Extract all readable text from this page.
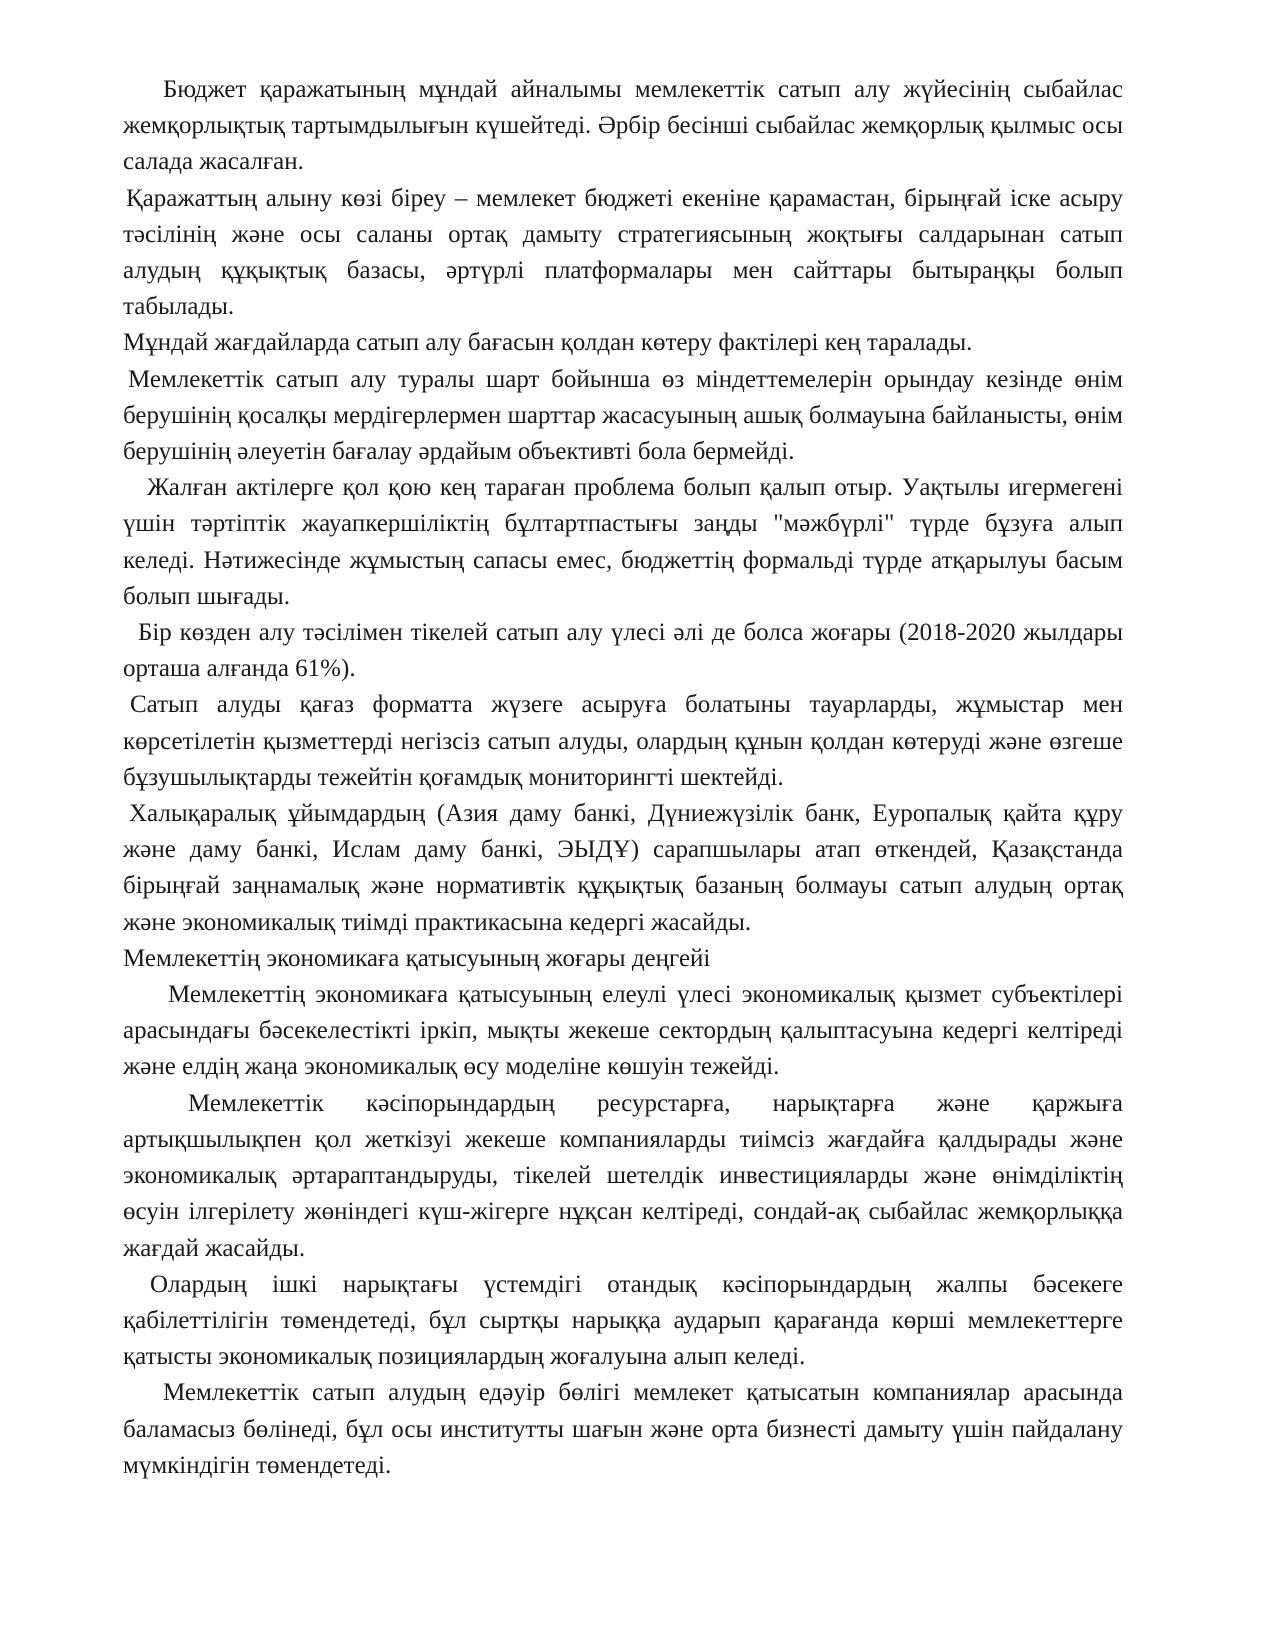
Бюджет қаражатының мұндай айналымы мемлекеттік сатып алу жүйесінің сыбайлас жемқорлықтық тартымдылығын күшейтеді. Әрбір бесінші сыбайлас жемқорлық қылмыс осы салада жасалған.

Қаражаттың алыну көзі біреу – мемлекет бюджеті екеніне қарамастан, бірыңғай іске асыру тәсілінің және осы саланы ортақ дамыту стратегиясының жоқтығы салдарынан сатып алудың құқықтық базасы, әртүрлі платформалары мен сайттары бытыраңқы болып табылады.

Мұндай жағдайларда сатып алу бағасын қолдан көтеру фактілері кең таралады.

Мемлекеттік сатып алу туралы шарт бойынша өз міндеттемелерін орындау кезінде өнім берушінің қосалқы мердігерлермен шарттар жасасуының ашық болмауына байланысты, өнім берушінің әлеуетін бағалау әрдайым объективті бола бермейді.

Жалған актілерге қол қою кең тараған проблема болып қалып отыр. Уақтылы игермегені үшін тәртіптік жауапкершіліктің бұлтартпастығы заңды "мәжбүрлі" түрде бұзуға алып келеді. Нәтижесінде жұмыстың сапасы емес, бюджеттің формальді түрде атқарылуы басым болып шығады.

Бір көзден алу тәсілімен тікелей сатып алу үлесі әлі де болса жоғары (2018-2020 жылдары орташа алғанда 61%).

Сатып алуды қағаз форматта жүзеге асыруға болатыны тауарларды, жұмыстар мен көрсетілетін қызметтерді негізсіз сатып алуды, олардың құнын қолдан көтеруді және өзгеше бұзушылықтарды тежейтін қоғамдық мониторингті шектейді.

Халықаралық ұйымдардың (Азия даму банкі, Дүниежүзілік банк, Еуропалық қайта құру және даму банкі, Ислам даму банкі, ЭЫДҰ) сарапшылары атап өткендей, Қазақстанда бірыңғай заңнамалық және нормативтік құқықтық базаның болмауы сатып алудың ортақ және экономикалық тиімді практикасына кедергі жасайды.

Мемлекеттің экономикаға қатысуының жоғары деңгейі

Мемлекеттің экономикаға қатысуының елеулі үлесі экономикалық қызмет субъектілері арасындағы бәсекелестікті іркіп, мықты жекеше сектордың қалыптасуына кедергі келтіреді және елдің жаңа экономикалық өсу моделіне көшуін тежейді.

Мемлекеттік кәсіпорындардың ресурстарға, нарықтарға және қаржыға артықшылықпен қол жеткізуі жекеше компанияларды тиімсіз жағдайға қалдырады және экономикалық әртараптандыруды, тікелей шетелдік инвестицияларды және өнімділіктің өсуін ілгерілету жөніндегі күш-жігерге нұқсан келтіреді, сондай-ақ сыбайлас жемқорлыққа жағдай жасайды.

Олардың ішкі нарықтағы үстемдігі отандық кәсіпорындардың жалпы бәсекеге қабілеттілігін төмендетеді, бұл сыртқы нарыққа аударып қарағанда көрші мемлекеттерге қатысты экономикалық позициялардың жоғалуына алып келеді.

Мемлекеттік сатып алудың едәуір бөлігі мемлекет қатысатын компаниялар арасында баламасыз бөлінеді, бұл осы институтты шағын және орта бизнесті дамыту үшін пайдалану мүмкіндігін төмендетеді.
